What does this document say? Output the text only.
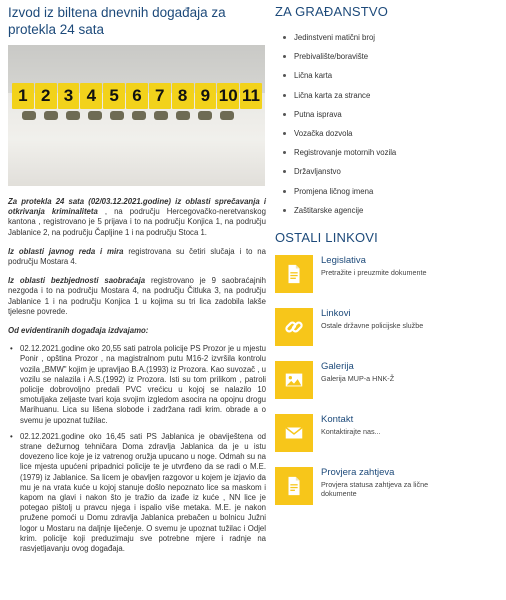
Izvod iz biltena dnevnih događaja za protekla 24 sata
1 2 3 4 5 6 7 8 9 10 11

Za protekla 24 sata (02/03.12.2021.godine) iz oblasti sprečavanja i otkrivanja kriminaliteta , na području Hercegovačko-neretvanskog kantona , registrovano je 5 prijava i to na području Konjica 1, na području Jablanice 2, na području Čapljine 1 i na području Stoca 1.

Iz oblasti javnog reda i mira registrovana su četiri slučaja i to na području Mostara 4.

Iz oblasti bezbjednosti saobraćaja registrovano je 9 saobraćajnih nezgoda i to na području Mostara 4, na području Čitluka 3, na području Jablanice 1 i na području Konjica 1 u kojima su tri lica zadobila lakše tjelesne povrede.

Od evidentiranih događaja izdvajamo:

• 02.12.2021.godine oko 20,55 sati patrola policije PS Prozor je u mjestu Ponir , opština Prozor , na magistralnom putu M16-2 izvršila kontrolu vozila „BMW" kojim je upravljao B.A.(1993) iz Prozora. Kao suvozač , u vozilu se nalazila i A.S.(1992) iz Prozora. Isti su tom prilikom , patroli policije dobrovoljno predali PVC vrećicu u kojoj se nalazilo 10 smotuljaka zeljaste tvari koja svojim izgledom asocira na opojnu drogu Marihuanu. Lica su lišena slobode i zadržana radi krim. obrade a o svemu je upoznat tužilac.
• 02.12.2021.godine oko 16,45 sati PS Jablanica je obaviještena od strane dežurnog tehničara Doma zdravlja Jablanica da je u istu dovezeno lice koje je iz vatrenog oružja upucano u noge. Odmah su na lice mjesta upućeni pripadnici policije te je utvrđeno da se radi o M.E.(1979) iz Jablanice. Sa licem je obavljen razgovor u kojem je izjavio da mu je na vrata kuće u kojoj stanuje došlo nepoznato lice sa maskom i kapom na glavi i nakon što je tražio da izađe iz kuće , NN lice je potegao pištolj u pravcu njega i ispalio više metaka. M.E. je nakon pružene pomoći u Domu zdravlja Jablanica prebačen u bolnicu Južni logor u Mostaru na daljnje liječenje. O svemu je upoznat tužilac i Odjel krim. policije koji preduzimaju sve potrebne mjere i radnje na rasvjetljavanju ovog događaja.
ZA GRAĐANSTVO
Jedinstveni matični broj
Prebivalište/boravište
Lična karta
Lična karta za strance
Putna isprava
Vozačka dozvola
Registrovanje motornih vozila
Državljanstvo
Promjena ličnog imena
Zaštitarske agencije
OSTALI LINKOVI
Legislativa
Pretražite i preuzmite dokumente
Linkovi
Ostale državne policijske službe
Galerija
Galerija MUP-a HNK-Ž
Kontakt
Kontaktirajte nas...
Provjera zahtjeva
Provjera statusa zahtjeva za lične dokumente
